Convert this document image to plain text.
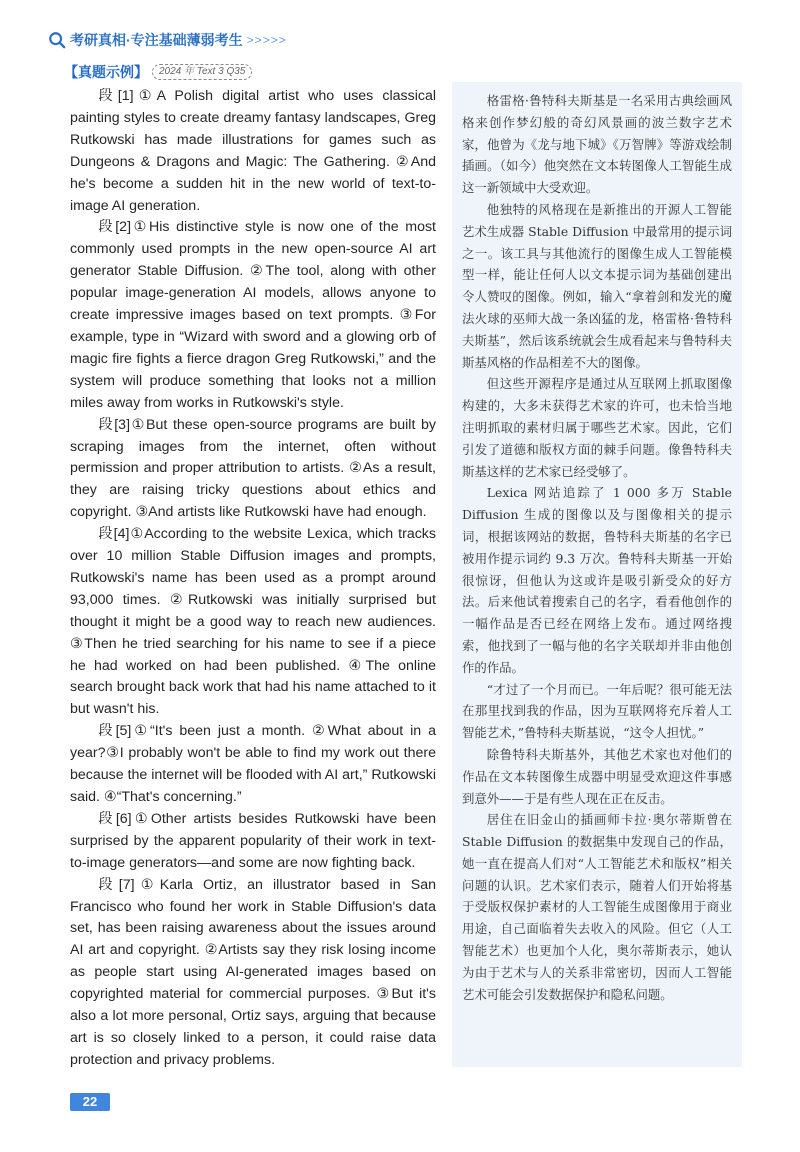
考研真相·专注基础薄弱考生 >>>>>
【真题示例】	2024 年 Text 3 Q35

段[1]①A Polish digital artist who uses classical painting styles to create dreamy fantasy landscapes, Greg Rutkowski has made illustrations for games such as Dungeons & Dragons and Magic: The Gathering. ②And he's become a sudden hit in the new world of text-to-image AI generation.

段[2]①His distinctive style is now one of the most commonly used prompts in the new open-source AI art generator Stable Diffusion. ②The tool, along with other popular image-generation AI models, allows anyone to create impressive images based on text prompts. ③For example, type in “Wizard with sword and a glowing orb of magic fire fights a fierce dragon Greg Rutkowski,” and the system will produce something that looks not a million miles away from works in Rutkowski's style.

段[3]①But these open-source programs are built by scraping images from the internet, often without permission and proper attribution to artists. ②As a result, they are raising tricky questions about ethics and copyright. ③And artists like Rutkowski have had enough.

段[4]①According to the website Lexica, which tracks over 10 million Stable Diffusion images and prompts, Rutkowski's name has been used as a prompt around 93,000 times. ②Rutkowski was initially surprised but thought it might be a good way to reach new audiences. ③Then he tried searching for his name to see if a piece he had worked on had been published. ④The online search brought back work that had his name attached to it but wasn't his.

段[5]①“It's been just a month. ②What about in a year?③I probably won't be able to find my work out there because the internet will be flooded with AI art,” Rutkowski said. ④“That's concerning.”

段[6]①Other artists besides Rutkowski have been surprised by the apparent popularity of their work in text-to-image generators—and some are now fighting back.

段[7]①Karla Ortiz, an illustrator based in San Francisco who found her work in Stable Diffusion's data set, has been raising awareness about the issues around AI art and copyright. ②Artists say they risk losing income as people start using AI-generated images based on copyrighted material for commercial purposes. ③But it's also a lot more personal, Ortiz says, arguing that because art is so closely linked to a person, it could raise data protection and privacy problems.

格雷格·鲁特科夫斯基是一名采用古典绘画风格来创作梦幻般的奇幻风景画的波兰数字艺术家，他曾为《龙与地下城》《万智牌》等游戏绘制插画。（如今）他突然在文本转图像人工智能生成这一新领域中大受欢迎。

他独特的风格现在是新推出的开源人工智能艺术生成器 Stable Diffusion 中最常用的提示词之一。该工具与其他流行的图像生成人工智能模型一样，能让任何人以文本提示词为基础创建出令人赞叹的图像。例如，输入“拿着剑和发光的魔法火球的巫师大战一条凶猛的龙，格雷格·鲁特科夫斯基”，然后该系统就会生成看起来与鲁特科夫斯基风格的作品相差不大的图像。

但这些开源程序是通过从互联网上抓取图像构建的，大多未获得艺术家的许可，也未恰当地注明抓取的素材归属于哪些艺术家。因此，它们引发了道德和版权方面的棘手问题。像鲁特科夫斯基这样的艺术家已经受够了。

Lexica 网站追踪了 1 000 多万 Stable Diffusion 生成的图像以及与图像相关的提示词，根据该网站的数据，鲁特科夫斯基的名字已被用作提示词约 9.3 万次。鲁特科夫斯基一开始很惊讶，但他认为这或许是吸引新受众的好方法。后来他试着搜索自己的名字，看看他创作的一幅作品是否已经在网络上发布。通过网络搜索，他找到了一幅与他的名字关联却并非由他创作的作品。

“才过了一个月而已。一年后呢？很可能无法在那里找到我的作品，因为互联网将充斥着人工智能艺术，”鲁特科夫斯基说，“这令人担忧。”

除鲁特科夫斯基外，其他艺术家也对他们的作品在文本转图像生成器中明显受欢迎这件事感到意外——于是有些人现在正在反击。

居住在旧金山的插画师卡拉·奥尔蒂斯曾在 Stable Diffusion 的数据集中发现自己的作品，她一直在提高人们对“人工智能艺术和版权”相关问题的认识。艺术家们表示，随着人们开始将基于受版权保护素材的人工智能生成图像用于商业用途，自己面临着失去收入的风险。但它（人工智能艺术）也更加个人化，奥尔蒂斯表示，她认为由于艺术与人的关系非常密切，因而人工智能艺术可能会引发数据保护和隐私问题。

22
